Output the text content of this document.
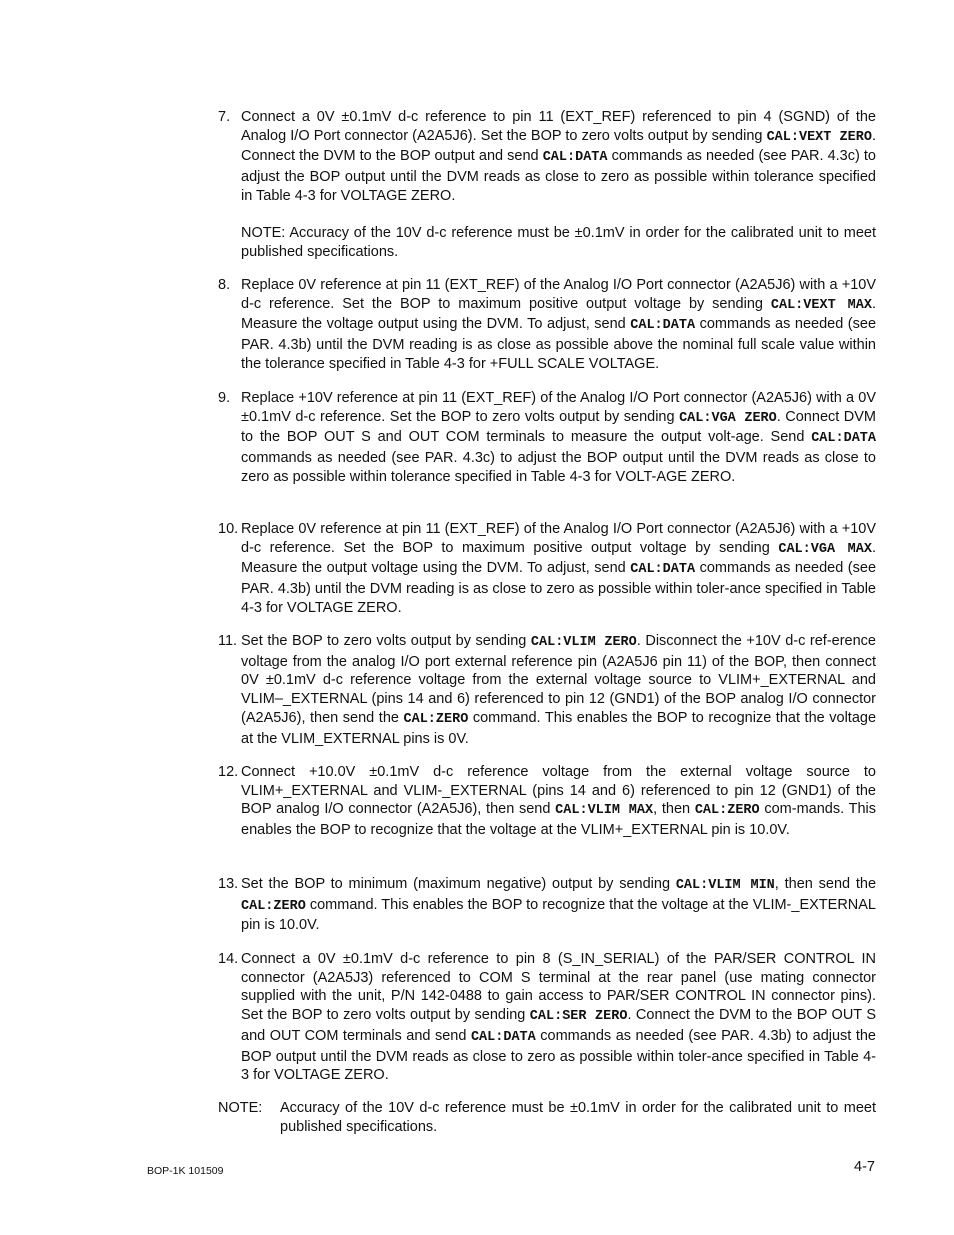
7. Connect a 0V ±0.1mV d-c reference to pin 11 (EXT_REF) referenced to pin 4 (SGND) of the Analog I/O Port connector (A2A5J6). Set the BOP to zero volts output by sending CAL:VEXT ZERO. Connect the DVM to the BOP output and send CAL:DATA commands as needed (see PAR. 4.3c) to adjust the BOP output until the DVM reads as close to zero as possible within tolerance specified in Table 4-3 for VOLTAGE ZERO.
NOTE: Accuracy of the 10V d-c reference must be ±0.1mV in order for the calibrated unit to meet published specifications.
8. Replace 0V reference at pin 11 (EXT_REF) of the Analog I/O Port connector (A2A5J6) with a +10V d-c reference. Set the BOP to maximum positive output voltage by sending CAL:VEXT MAX. Measure the voltage output using the DVM. To adjust, send CAL:DATA commands as needed (see PAR. 4.3b) until the DVM reading is as close as possible above the nominal full scale value within the tolerance specified in Table 4-3 for +FULL SCALE VOLTAGE.
9. Replace +10V reference at pin 11 (EXT_REF) of the Analog I/O Port connector (A2A5J6) with a 0V ±0.1mV d-c reference. Set the BOP to zero volts output by sending CAL:VGA ZERO. Connect DVM to the BOP OUT S and OUT COM terminals to measure the output volt-age. Send CAL:DATA commands as needed (see PAR. 4.3c) to adjust the BOP output until the DVM reads as close to zero as possible within tolerance specified in Table 4-3 for VOLT-AGE ZERO.
10. Replace 0V reference at pin 11 (EXT_REF) of the Analog I/O Port connector (A2A5J6) with a +10V d-c reference. Set the BOP to maximum positive output voltage by sending CAL:VGA MAX. Measure the output voltage using the DVM. To adjust, send CAL:DATA commands as needed (see PAR. 4.3b) until the DVM reading is as close to zero as possible within toler-ance specified in Table 4-3 for VOLTAGE ZERO.
11. Set the BOP to zero volts output by sending CAL:VLIM ZERO. Disconnect the +10V d-c ref-erence voltage from the analog I/O port external reference pin (A2A5J6 pin 11) of the BOP, then connect 0V ±0.1mV d-c reference voltage from the external voltage source to VLIM+_EXTERNAL and VLIM–_EXTERNAL (pins 14 and 6) referenced to pin 12 (GND1) of the BOP analog I/O connector (A2A5J6), then send the CAL:ZERO command. This enables the BOP to recognize that the voltage at the VLIM_EXTERNAL pins is 0V.
12. Connect +10.0V ±0.1mV d-c reference voltage from the external voltage source to VLIM+_EXTERNAL and VLIM-_EXTERNAL (pins 14 and 6) referenced to pin 12 (GND1) of the BOP analog I/O connector (A2A5J6), then send CAL:VLIM MAX, then CAL:ZERO com-mands. This enables the BOP to recognize that the voltage at the VLIM+_EXTERNAL pin is 10.0V.
13. Set the BOP to minimum (maximum negative) output by sending CAL:VLIM MIN, then send the CAL:ZERO command. This enables the BOP to recognize that the voltage at the VLIM-_EXTERNAL pin is 10.0V.
14. Connect a 0V ±0.1mV d-c reference to pin 8 (S_IN_SERIAL) of the PAR/SER CONTROL IN connector (A2A5J3) referenced to COM S terminal at the rear panel (use mating connector supplied with the unit, P/N 142-0488 to gain access to PAR/SER CONTROL IN connector pins). Set the BOP to zero volts output by sending CAL:SER ZERO. Connect the DVM to the BOP OUT S and OUT COM terminals and send CAL:DATA commands as needed (see PAR. 4.3b) to adjust the BOP output until the DVM reads as close to zero as possible within toler-ance specified in Table 4-3 for VOLTAGE ZERO.
NOTE: Accuracy of the 10V d-c reference must be ±0.1mV in order for the calibrated unit to meet published specifications.
BOP-1K 101509	4-7
